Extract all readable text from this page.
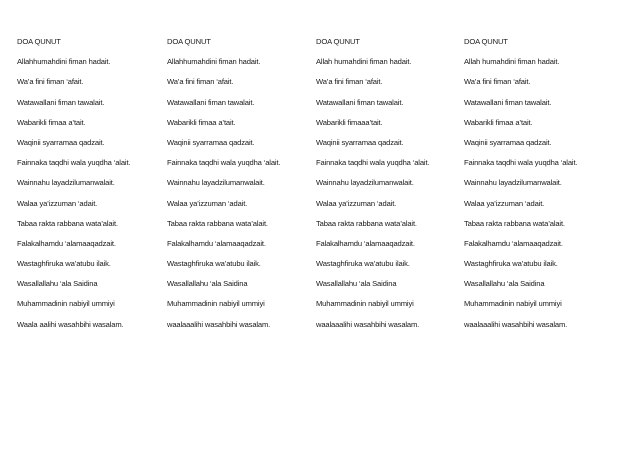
DOA QUNUT
Allahhumahdini fiman hadait.
Wa’a fini fiman ‘afait.
Watawallani fiman tawalait.
Wabarikli fimaa a’tait.
Waqinii syarramaa qadzait.
Fainnaka taqdhi wala yuqdha ‘alait.
Wainnahu layadzilumanwalait.
Walaa ya’izzuman ‘adait.
Tabaa rakta rabbana wata’alait.
Falakalhamdu ‘alamaaqadzait.
Wastaghfiruka wa’atubu ilaik.
Wasallallahu ‘ala Saidina
Muhammadinin nabiyil ummiyi
Waala aalihi wasahbihi wasalam.
DOA QUNUT
Allahhumahdini fiman hadait.
Wa’a fini fiman ‘afait.
Watawallani fiman tawalait.
Wabarikli fimaa a’tait.
Waqinii syarramaa qadzait.
Fainnaka taqdhi wala yuqdha ‘alait.
Wainnahu layadzilumanwalait.
Walaa ya’izzuman ‘adait.
Tabaa rakta rabbana wata’alait.
Falakalhamdu ‘alamaaqadzait.
Wastaghfiruka wa’atubu ilaik.
Wasallallahu ‘ala Saidina
Muhammadinin nabiyil ummiyi
waalaaalihi wasahbihi wasalam.
DOA QUNUT
Allah humahdini fiman hadait.
Wa’a fini fiman ‘afait.
Watawallani fiman tawalait.
Wabarikli fimaaa’tait.
Waqinii syarramaa qadzait.
Fainnaka taqdhi wala yuqdha ‘alait.
Wainnahu layadzilumanwalait.
Walaa ya’izzuman ‘adait.
Tabaa rakta rabbana wata’alait.
Falakalhamdu ‘alamaaqadzait.
Wastaghfiruka wa’atubu ilaik.
Wasallallahu ‘ala Saidina
Muhammadinin nabiyil ummiyi
waalaaalihi wasahbihi wasalam.
DOA QUNUT
Allah humahdini fiman hadait.
Wa’a fini fiman ‘afait.
Watawallani fiman tawalait.
Wabarikli fimaa a’tait.
Waqinii syarramaa qadzait.
Fainnaka taqdhi wala yuqdha ‘alait.
Wainnahu layadzilumanwalait.
Walaa ya’izzuman ‘adait.
Tabaa rakta rabbana wata’alait.
Falakalhamdu ‘alamaaqadzait.
Wastaghfiruka wa’atubu ilaik.
Wasallallahu ‘ala Saidina
Muhammadinin nabiyil ummiyi
waalaaalihi wasahbihi wasalam.
